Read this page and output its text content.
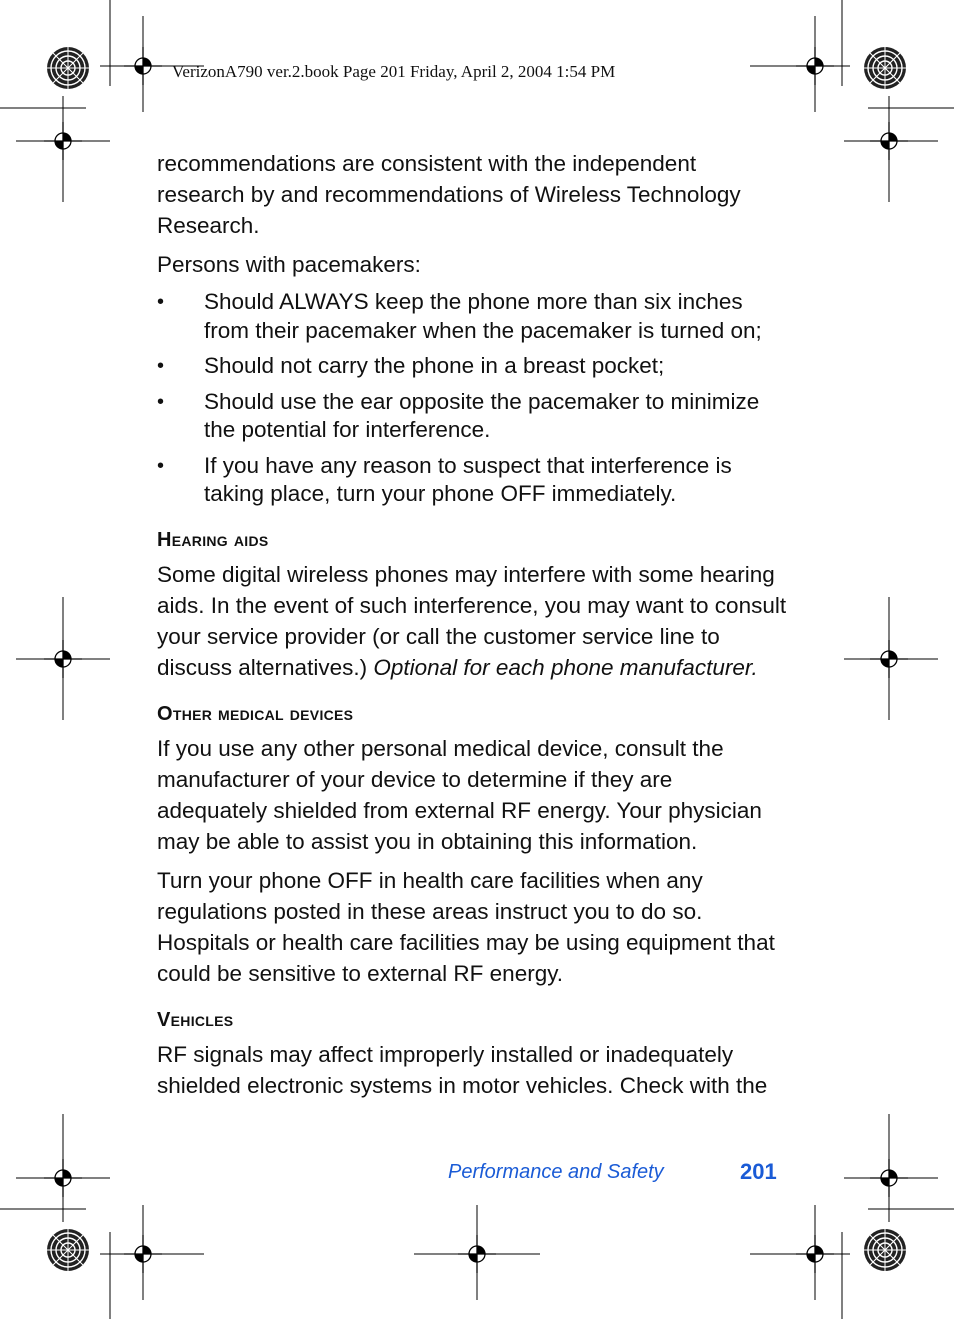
VerizonA790 ver.2.book Page 201 Friday, April 2, 2004 1:54 PM

recommendations are consistent with the independent research by and recommendations of Wireless Technology Research.

Persons with pacemakers:

• Should ALWAYS keep the phone more than six inches from their pacemaker when the pacemaker is turned on;
• Should not carry the phone in a breast pocket;
• Should use the ear opposite the pacemaker to minimize the potential for interference.
• If you have any reason to suspect that interference is taking place, turn your phone OFF immediately.
Hearing aids

Some digital wireless phones may interfere with some hearing aids. In the event of such interference, you may want to consult your service provider (or call the customer service line to discuss alternatives.) Optional for each phone manufacturer.

Other medical devices

If you use any other personal medical device, consult the manufacturer of your device to determine if they are adequately shielded from external RF energy. Your physician may be able to assist you in obtaining this information.

Turn your phone OFF in health care facilities when any regulations posted in these areas instruct you to do so. Hospitals or health care facilities may be using equipment that could be sensitive to external RF energy.

Vehicles

RF signals may affect improperly installed or inadequately shielded electronic systems in motor vehicles. Check with the

Performance and Safety	201
